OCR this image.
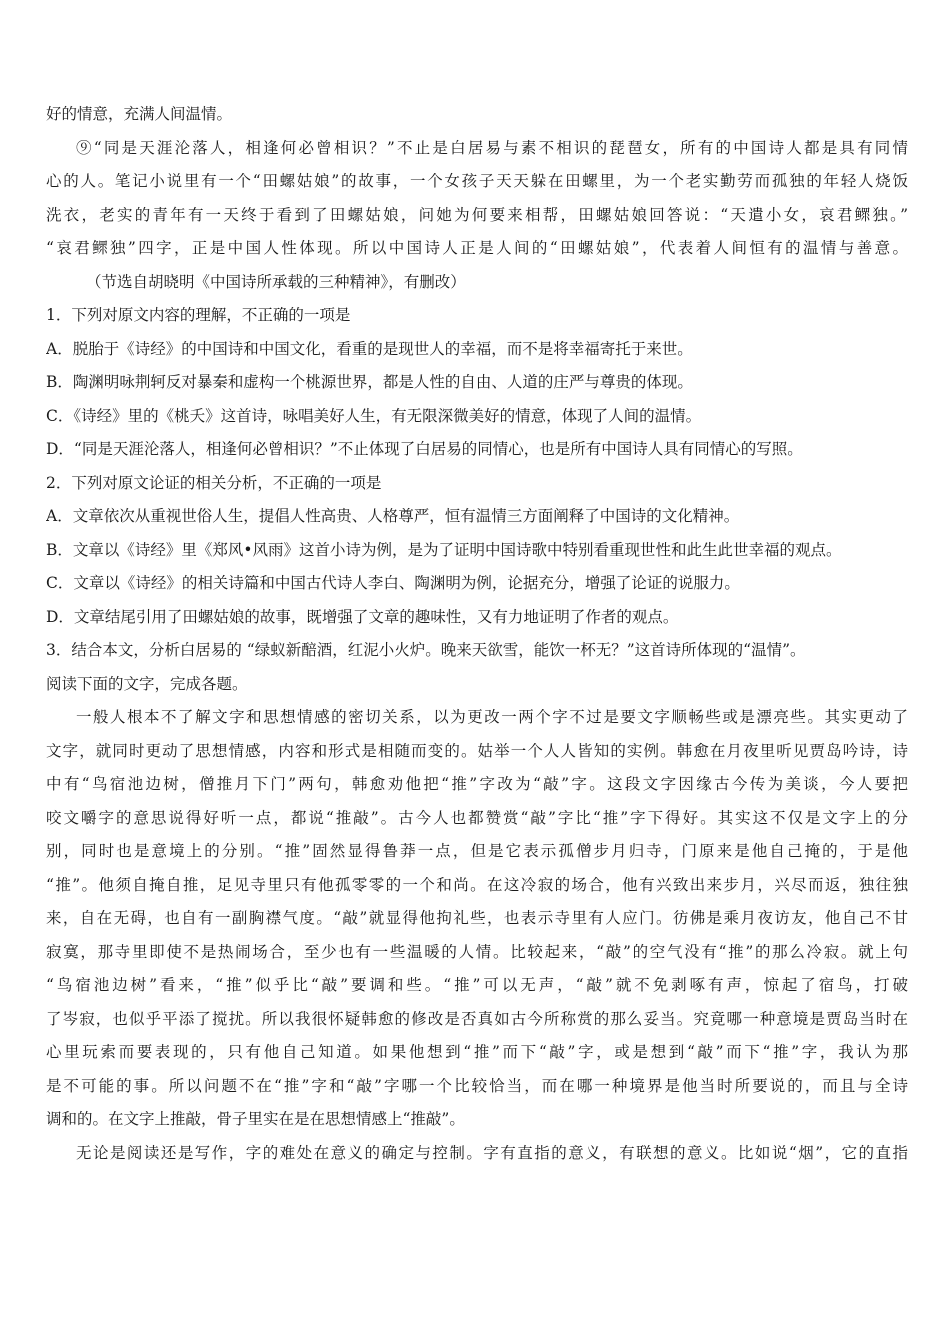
好的情意，充满人间温情。
⑨“同是天涯沦落人，相逢何必曾相识？”不止是白居易与素不相识的琵琶女，所有的中国诗人都是具有同情
心的人。笔记小说里有一个“田螺姑娘”的故事，一个女孩子天天躲在田螺里，为一个老实勤劳而孤独的年轻人烧饭
洗衣，老实的青年有一天终于看到了田螺姑娘，问她为何要来相帮，田螺姑娘回答说：“天遣小女，哀君鳏独。”
“哀君鳏独”四字，正是中国人性体现。所以中国诗人正是人间的“田螺姑娘”，代表着人间恒有的温情与善意。
（节选自胡晓明《中国诗所承载的三种精神》，有删改）
1．下列对原文内容的理解，不正确的一项是
A．脱胎于《诗经》的中国诗和中国文化，看重的是现世人的幸福，而不是将幸福寄托于来世。
B．陶渊明咏荆轲反对暴秦和虚构一个桃源世界，都是人性的自由、人道的庄严与尊贵的体现。
C．《诗经》里的《桃夭》这首诗，咏唱美好人生，有无限深微美好的情意，体现了人间的温情。
D．“同是天涯沦落人，相逢何必曾相识？”不止体现了白居易的同情心，也是所有中国诗人具有同情心的写照。
2．下列对原文论证的相关分析，不正确的一项是
A．文章依次从重视世俗人生，提倡人性高贵、人格尊严，恒有温情三方面阐释了中国诗的文化精神。
B．文章以《诗经》里《郑风•风雨》这首小诗为例，是为了证明中国诗歌中特别看重现世性和此生此世幸福的观点。
C．文章以《诗经》的相关诗篇和中国古代诗人李白、陶渊明为例，论据充分，增强了论证的说服力。
D．文章结尾引用了田螺姑娘的故事，既增强了文章的趣味性，又有力地证明了作者的观点。
3．结合本文，分析白居易的 “绿蚁新醅酒，红泥小火炉。晚来天欲雪，能饮一杯无？”这首诗所体现的“温情”。
阅读下面的文字，完成各题。
一般人根本不了解文字和思想情感的密切关系，以为更改一两个字不过是要文字顺畅些或是漂亮些。其实更动了
文字，就同时更动了思想情感，内容和形式是相随而变的。姑举一个人人皆知的实例。韩愈在月夜里听见贾岛吟诗，诗
中有“鸟宿池边树，僧推月下门”两句，韩愈劝他把“推”字改为“敲”字。这段文字因缘古今传为美谈，今人要把
咬文嚼字的意思说得好听一点，都说“推敲”。古今人也都赞赏“敲”字比“推”字下得好。其实这不仅是文字上的分
别，同时也是意境上的分别。“推”固然显得鲁莽一点，但是它表示孤僧步月归寺，门原来是他自己掩的，于是他
“推”。他须自掩自推，足见寺里只有他孤零零的一个和尚。在这冷寂的场合，他有兴致出来步月，兴尽而返，独往独
来，自在无碍，也自有一副胸襟气度。“敲”就显得他拘礼些，也表示寺里有人应门。彷佛是乘月夜访友，他自己不甘
寂寞，那寺里即使不是热闹场合，至少也有一些温暖的人情。比较起来，“敲”的空气没有“推”的那么冷寂。就上句
“鸟宿池边树”看来，“推”似乎比“敲”要调和些。“推”可以无声，“敲”就不免剥啄有声，惊起了宿鸟，打破
了岑寂，也似乎平添了搅扰。所以我很怀疑韩愈的修改是否真如古今所称赏的那么妥当。究竟哪一种意境是贾岛当时在
心里玩索而要表现的，只有他自己知道。如果他想到“推”而下“敲”字，或是想到“敲”而下“推”字，我认为那
是不可能的事。所以问题不在“推”字和“敲”字哪一个比较恰当，而在哪一种境界是他当时所要说的，而且与全诗
调和的。在文字上推敲，骨子里实在是在思想情感上“推敲”。
无论是阅读还是写作，字的难处在意义的确定与控制。字有直指的意义，有联想的意义。比如说“烟”，它的直指
